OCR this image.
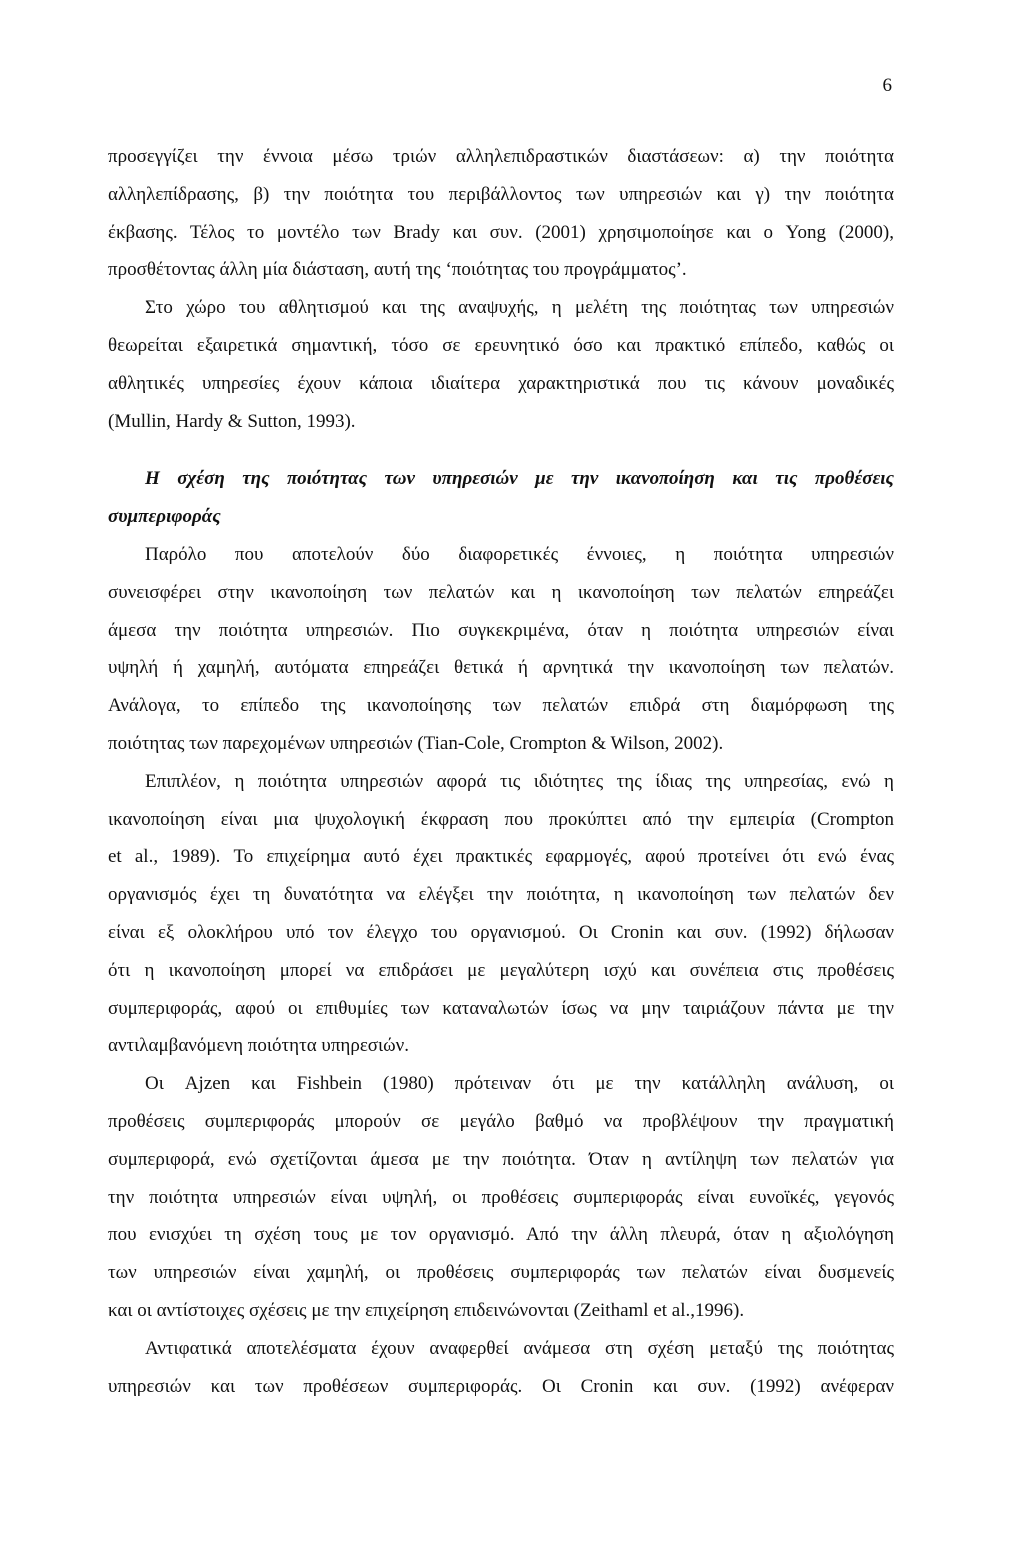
6
προσεγγίζει την έννοια μέσω τριών αλληλεπιδραστικών διαστάσεων: α) την ποιότητα
αλληλεπίδρασης, β) την ποιότητα του περιβάλλοντος των υπηρεσιών και γ) την ποιότητα
έκβασης. Τέλος το μοντέλο των Brady και συν. (2001) χρησιμοποίησε και ο Yong (2000),
προσθέτοντας άλλη μία διάσταση, αυτή της ‘ποιότητας του προγράμματος’.
Στο χώρο του αθλητισμού και της αναψυχής, η μελέτη της ποιότητας των υπηρεσιών
θεωρείται εξαιρετικά σημαντική, τόσο σε ερευνητικό όσο και πρακτικό επίπεδο, καθώς οι
αθλητικές υπηρεσίες έχουν κάποια ιδιαίτερα χαρακτηριστικά που τις κάνουν μοναδικές
(Mullin, Hardy & Sutton, 1993).
Η σχέση της ποιότητας των υπηρεσιών με την ικανοποίηση και τις προθέσεις
συμπεριφοράς
Παρόλο που αποτελούν δύο διαφορετικές έννοιες, η ποιότητα υπηρεσιών
συνεισφέρει στην ικανοποίηση των πελατών και η ικανοποίηση των πελατών επηρεάζει
άμεσα την ποιότητα υπηρεσιών. Πιο συγκεκριμένα, όταν η ποιότητα υπηρεσιών είναι
υψηλή ή χαμηλή, αυτόματα επηρεάζει θετικά ή αρνητικά την ικανοποίηση των πελατών.
Ανάλογα, το επίπεδο της ικανοποίησης των πελατών επιδρά στη διαμόρφωση της
ποιότητας των παρεχομένων υπηρεσιών (Tian-Cole, Crompton & Wilson, 2002).
Επιπλέον, η ποιότητα υπηρεσιών αφορά τις ιδιότητες της ίδιας της υπηρεσίας, ενώ η
ικανοποίηση είναι μια ψυχολογική έκφραση που προκύπτει από την εμπειρία (Crompton
et al., 1989). Το επιχείρημα αυτό έχει πρακτικές εφαρμογές, αφού προτείνει ότι ενώ ένας
οργανισμός έχει τη δυνατότητα να ελέγξει την ποιότητα, η ικανοποίηση των πελατών δεν
είναι εξ ολοκλήρου υπό τον έλεγχο του οργανισμού. Οι Cronin και συν. (1992) δήλωσαν
ότι η ικανοποίηση μπορεί να επιδράσει με μεγαλύτερη ισχύ και συνέπεια στις προθέσεις
συμπεριφοράς, αφού οι επιθυμίες των καταναλωτών ίσως να μην ταιριάζουν πάντα με την
αντιλαμβανόμενη ποιότητα υπηρεσιών.
Οι Ajzen και Fishbein (1980) πρότειναν ότι με την κατάλληλη ανάλυση, οι
προθέσεις συμπεριφοράς μπορούν σε μεγάλο βαθμό να προβλέψουν την πραγματική
συμπεριφορά, ενώ σχετίζονται άμεσα με την ποιότητα. Όταν η αντίληψη των πελατών για
την ποιότητα υπηρεσιών είναι υψηλή, οι προθέσεις συμπεριφοράς είναι ευνοϊκές, γεγονός
που ενισχύει τη σχέση τους με τον οργανισμό. Από την άλλη πλευρά, όταν η αξιολόγηση
των υπηρεσιών είναι χαμηλή, οι προθέσεις συμπεριφοράς των πελατών είναι δυσμενείς
και οι αντίστοιχες σχέσεις με την επιχείρηση επιδεινώνονται (Zeithaml et al.,1996).
Αντιφατικά αποτελέσματα έχουν αναφερθεί ανάμεσα στη σχέση μεταξύ της ποιότητας
υπηρεσιών και των προθέσεων συμπεριφοράς. Οι Cronin και συν. (1992) ανέφεραν
